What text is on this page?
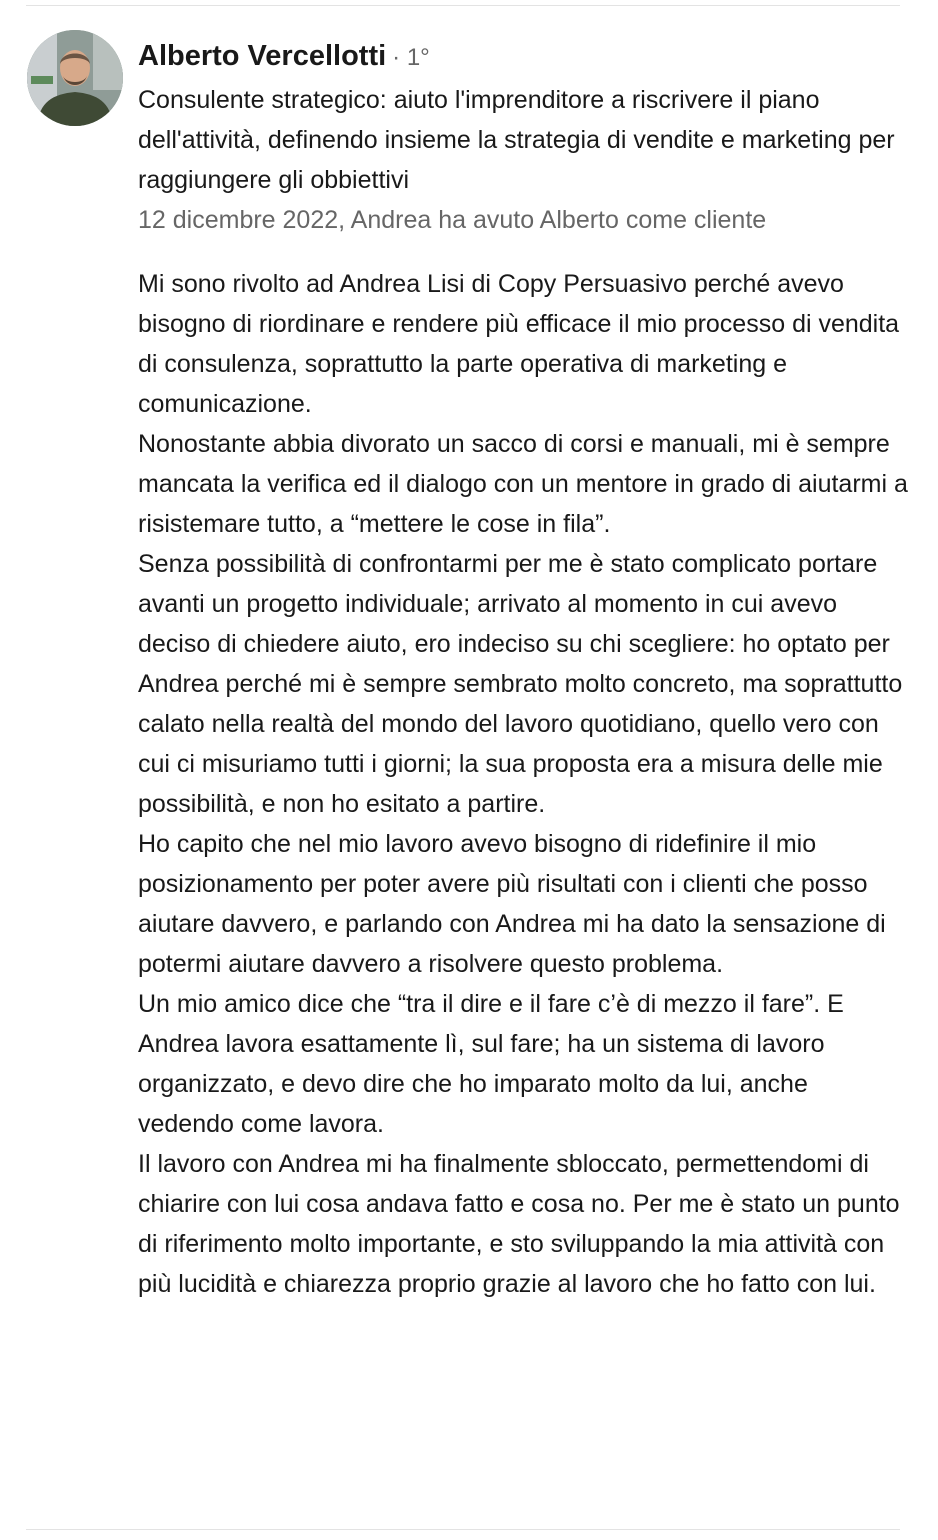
Alberto Vercellotti · 1°

Consulente strategico: aiuto l'imprenditore a riscrivere il piano dell'attività, definendo insieme la strategia di vendite e marketing per raggiungere gli obbiettivi

12 dicembre 2022, Andrea ha avuto Alberto come cliente

Mi sono rivolto ad Andrea Lisi di Copy Persuasivo perché avevo bisogno di riordinare e rendere più efficace il mio processo di vendita di consulenza, soprattutto la parte operativa di marketing e comunicazione.

Nonostante abbia divorato un sacco di corsi e manuali, mi è sempre mancata la verifica ed il dialogo con un mentore in grado di aiutarmi a risistemare tutto, a “mettere le cose in fila”.

Senza possibilità di confrontarmi per me è stato complicato portare avanti un progetto individuale; arrivato al momento in cui avevo deciso di chiedere aiuto, ero indeciso su chi scegliere: ho optato per Andrea perché mi è sempre sembrato molto concreto, ma soprattutto calato nella realtà del mondo del lavoro quotidiano, quello vero con cui ci misuriamo tutti i giorni; la sua proposta era a misura delle mie possibilità, e non ho esitato a partire.

Ho capito che nel mio lavoro avevo bisogno di ridefinire il mio posizionamento per poter avere più risultati con i clienti che posso aiutare davvero, e parlando con Andrea mi ha dato la sensazione di potermi aiutare davvero a risolvere questo problema.

Un mio amico dice che “tra il dire e il fare c’è di mezzo il fare”. E Andrea lavora esattamente lì, sul fare; ha un sistema di lavoro organizzato, e devo dire che ho imparato molto da lui, anche vedendo come lavora.

Il lavoro con Andrea mi ha finalmente sbloccato, permettendomi di chiarire con lui cosa andava fatto e cosa no. Per me è stato un punto di riferimento molto importante, e sto sviluppando la mia attività con più lucidità e chiarezza proprio grazie al lavoro che ho fatto con lui.
